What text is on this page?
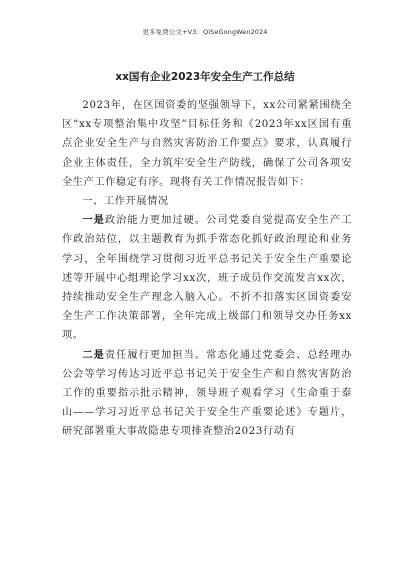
更多免费公文+V3：QiSeGongWen2024
xx国有企业2023年安全生产工作总结

2023年，在区国资委的坚强领导下，xx公司紧紧围绕全区“xx专项整治集中攻坚”目标任务和《2023年xx区国有重点企业安全生产与自然灾害防治工作要点》要求，认真履行企业主体责任，全力筑牢安全生产防线，确保了公司各项安全生产工作稳定有序。现将有关工作情况报告如下：

一、工作开展情况

一是政治能力更加过硬。公司党委自觉提高安全生产工作政治站位，以主题教育为抓手常态化抓好政治理论和业务学习，全年围绕学习贯彻习近平总书记关于安全生产重要论述等开展中心组理论学习xx次，班子成员作交流发言xx次，持续推动安全生产理念入脑入心。不折不扣落实区国资委安全生产工作决策部署，全年完成上级部门和领导交办任务xx项。

二是责任履行更加担当。常态化通过党委会、总经理办公会等学习传达习近平总书记关于安全生产和自然灾害防治工作的重要指示批示精神，领导班子观看学习《生命重于泰山——学习习近平总书记关于安全生产重要论述》专题片，研究部署重大事故隐患专项排查整治2023行动有
